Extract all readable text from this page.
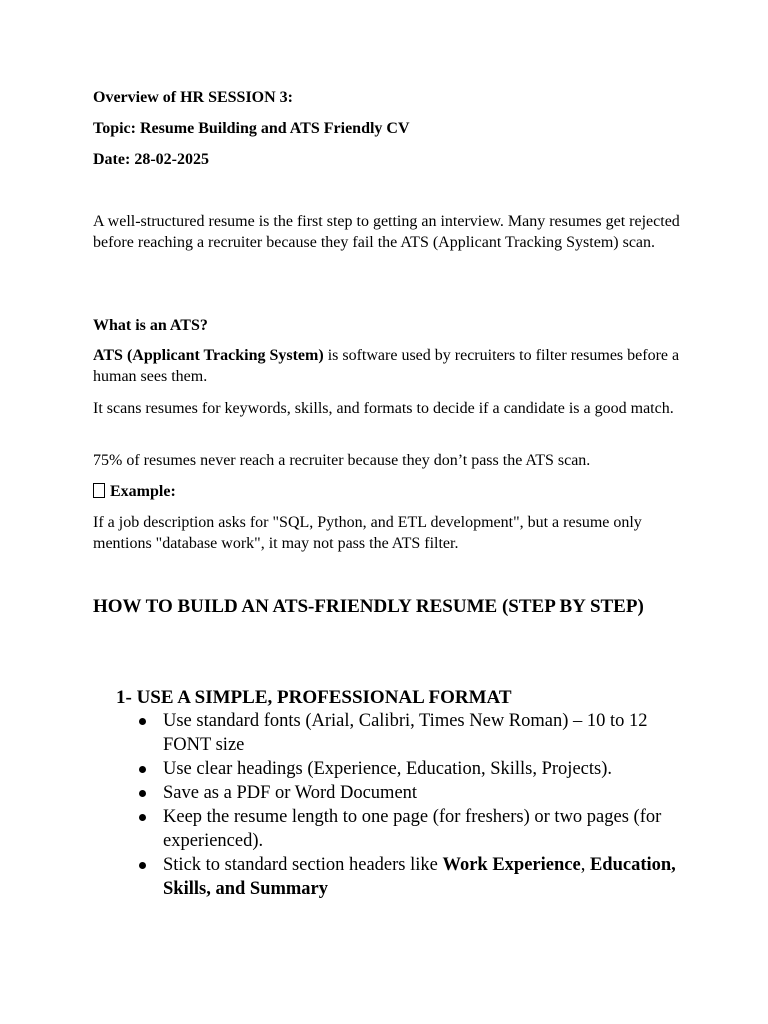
Overview of HR SESSION 3:

Topic: Resume Building and ATS Friendly CV

Date: 28-02-2025

A well-structured resume is the first step to getting an interview. Many resumes get rejected before reaching a recruiter because they fail the ATS (Applicant Tracking System) scan.

What is an ATS?

ATS (Applicant Tracking System) is software used by recruiters to filter resumes before a human sees them.

It scans resumes for keywords, skills, and formats to decide if a candidate is a good match.

75% of resumes never reach a recruiter because they don’t pass the ATS scan.

Example:

If a job description asks for "SQL, Python, and ETL development", but a resume only mentions "database work", it may not pass the ATS filter.

HOW TO BUILD AN ATS-FRIENDLY RESUME (STEP BY STEP)

1- USE A SIMPLE, PROFESSIONAL FORMAT
Use standard fonts (Arial, Calibri, Times New Roman) – 10 to 12 FONT size
Use clear headings (Experience, Education, Skills, Projects).
Save as a PDF or Word Document
Keep the resume length to one page (for freshers) or two pages (for experienced).
Stick to standard section headers like Work Experience, Education, Skills, and Summary
